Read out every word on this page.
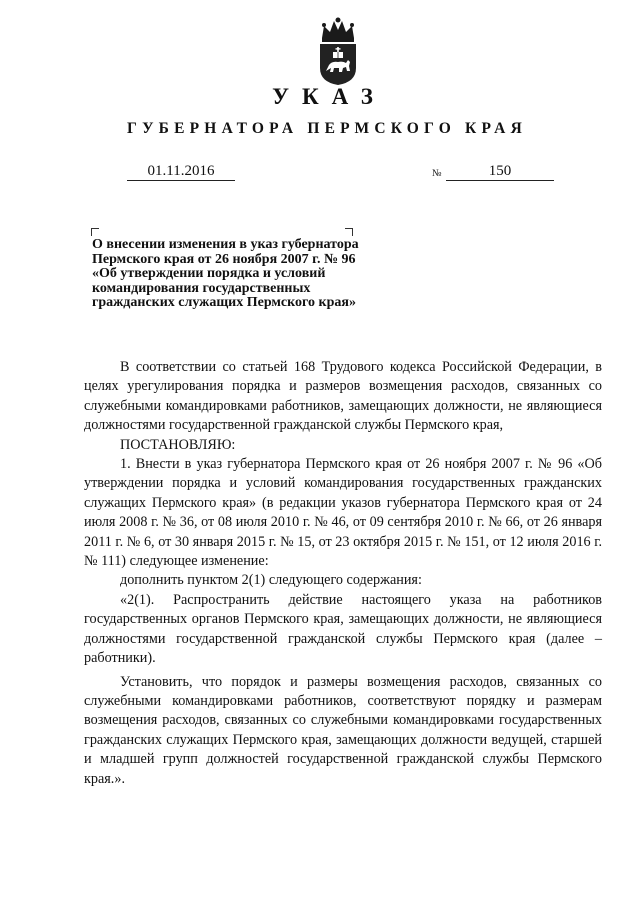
УКАЗ
ГУБЕРНАТОРА ПЕРМСКОГО КРАЯ
01.11.2016	№	150
О внесении изменения в указ губернатора
Пермского края от 26 ноября 2007 г. № 96
«Об утверждении порядка и условий
командирования государственных
гражданских служащих Пермского края»

В соответствии со статьей 168 Трудового кодекса Российской Федерации, в целях урегулирования порядка и размеров возмещения расходов, связанных со служебными командировками работников, замещающих должности, не являющиеся должностями государственной гражданской службы Пермского края,

ПОСТАНОВЛЯЮ:

1. Внести в указ губернатора Пермского края от 26 ноября 2007 г. № 96 «Об утверждении порядка и условий командирования государственных гражданских служащих Пермского края» (в редакции указов губернатора Пермского края от 24 июля 2008 г. № 36, от 08 июля 2010 г. № 46, от 09 сентября 2010 г. № 66, от 26 января 2011 г. № 6, от 30 января 2015 г. № 15, от 23 октября 2015 г. № 151, от 12 июля 2016 г. № 111) следующее изменение:

дополнить пунктом 2(1) следующего содержания:

«2(1). Распространить действие настоящего указа на работников государственных органов Пермского края, замещающих должности, не являющиеся должностями государственной гражданской службы Пермского края (далее – работники).

Установить, что порядок и размеры возмещения расходов, связанных со служебными командировками работников, соответствуют порядку и размерам возмещения расходов, связанных со служебными командировками государственных гражданских служащих Пермского края, замещающих должности ведущей, старшей и младшей групп должностей государственной гражданской службы Пермского края.».
